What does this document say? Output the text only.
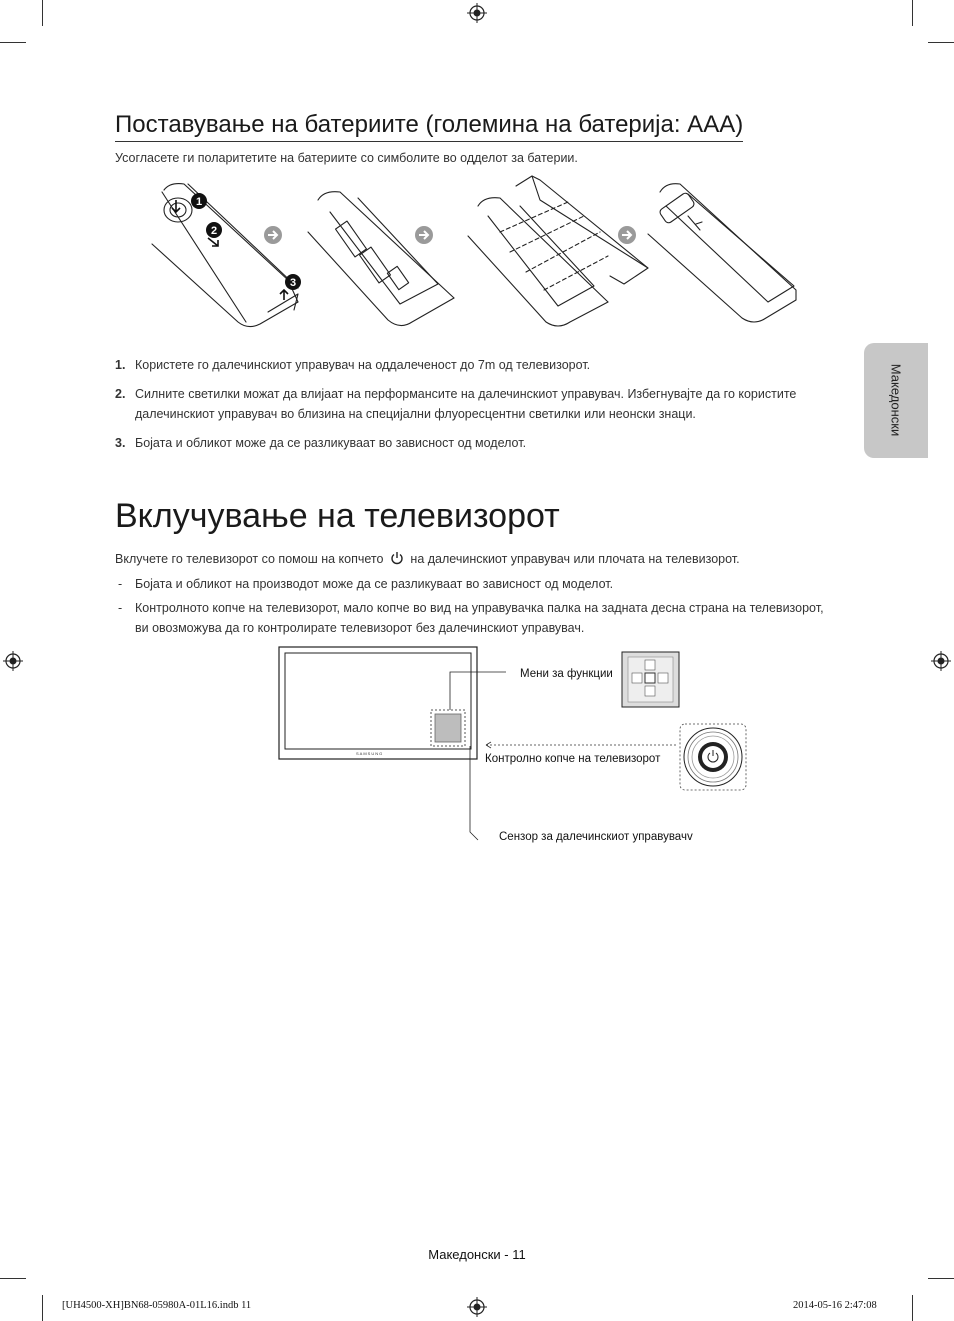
Македонски
Поставување на батериите (големина на батерија: AAA)
Усогласете ги поларитетите на батериите со симболите во одделот за батерии.
1
2
3
1. Користете го далечинскиот управувач на оддалеченост до 7m од телевизорот.
2. Силните светилки можат да влијаат на перформансите на далечинскиот управувач. Избегнувајте да го користите далечинскиот управувач во близина на специјални флуоресцентни светилки или неонски знаци.
3. Бојата и обликот може да се разликуваат во зависност од моделот.
Вклучување на телевизорот
Вклучете го телевизорот со помош на копчето на далечинскиот управувач или плочата на телевизорот.
- Бојата и обликот на производот може да се разликуваат во зависност од моделот.
- Контролното копче на телевизорот, мало копче во вид на управувачка палка на задната десна страна на телевизорот, ви овозможува да го контролирате телевизорот без далечинскиот управувач.
SAMSUNG
Мени за функции
Контролно копче на телевизорот
Сензор за далечинскиот управувачv
Македонски - 11
[UH4500-XH]BN68-05980A-01L16.indb 11	2014-05-16 2:47:08
